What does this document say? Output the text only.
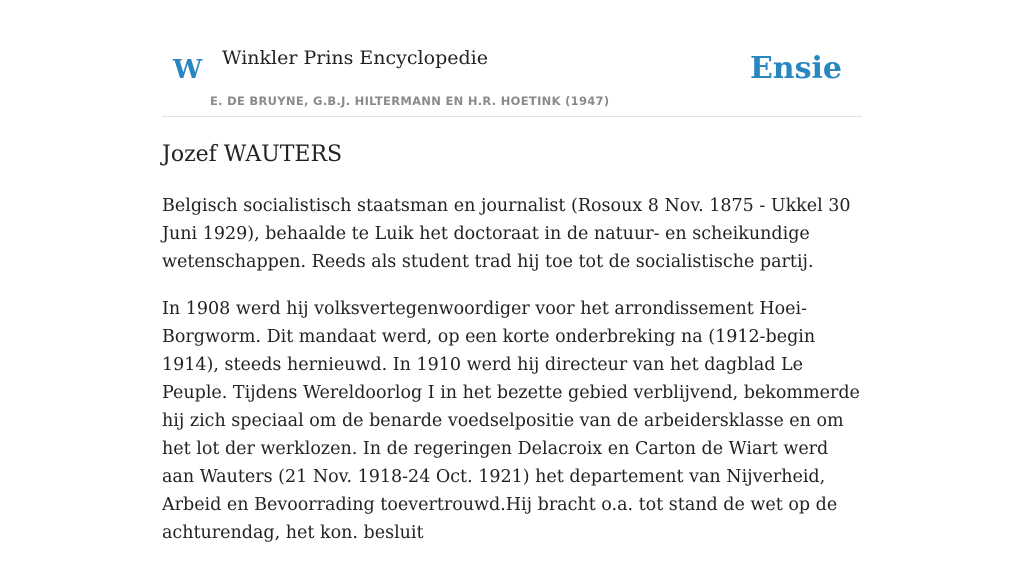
W Winkler Prins Encyclopedie
E. DE BRUYNE, G.B.J. HILTERMANN EN H.R. HOETINK (1947)
Ensie
Jozef WAUTERS

Belgisch socialistisch staatsman en journalist (Rosoux 8 Nov. 1875 - Ukkel 30 Juni 1929), behaalde te Luik het doctoraat in de natuur- en scheikundige wetenschappen. Reeds als student trad hij toe tot de socialistische partij.

In 1908 werd hij volksvertegenwoordiger voor het arrondissement Hoei-Borgworm. Dit mandaat werd, op een korte onderbreking na (1912-begin 1914), steeds hernieuwd. In 1910 werd hij directeur van het dagblad Le Peuple. Tijdens Wereldoorlog I in het bezette gebied verblijvend, bekommerde hij zich speciaal om de benarde voedselpositie van de arbeidersklasse en om het lot der werklozen. In de regeringen Delacroix en Carton de Wiart werd aan Wauters (21 Nov. 1918-24 Oct. 1921) het departement van Nijverheid, Arbeid en Bevoorrading toevertrouwd.Hij bracht o.a. tot stand de wet op de achturendag, het kon. besluit
